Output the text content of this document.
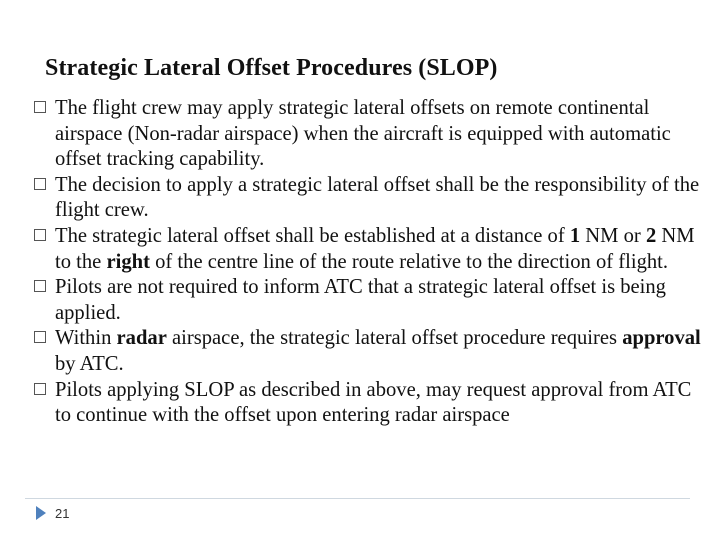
Strategic Lateral Offset Procedures (SLOP)
The flight crew may apply strategic lateral offsets on remote continental airspace (Non-radar airspace) when the aircraft is equipped with automatic offset tracking capability.
The decision to apply a strategic lateral offset shall be the responsibility of the flight crew.
The strategic lateral offset shall be established at a distance of 1 NM or 2 NM to the right of the centre line of the route relative to the direction of flight.
Pilots are not required to inform ATC that a strategic lateral offset is being applied.
Within radar airspace, the strategic lateral offset procedure requires approval by ATC.
Pilots applying SLOP as described in above, may request approval from ATC to continue with the offset upon entering radar airspace
21
